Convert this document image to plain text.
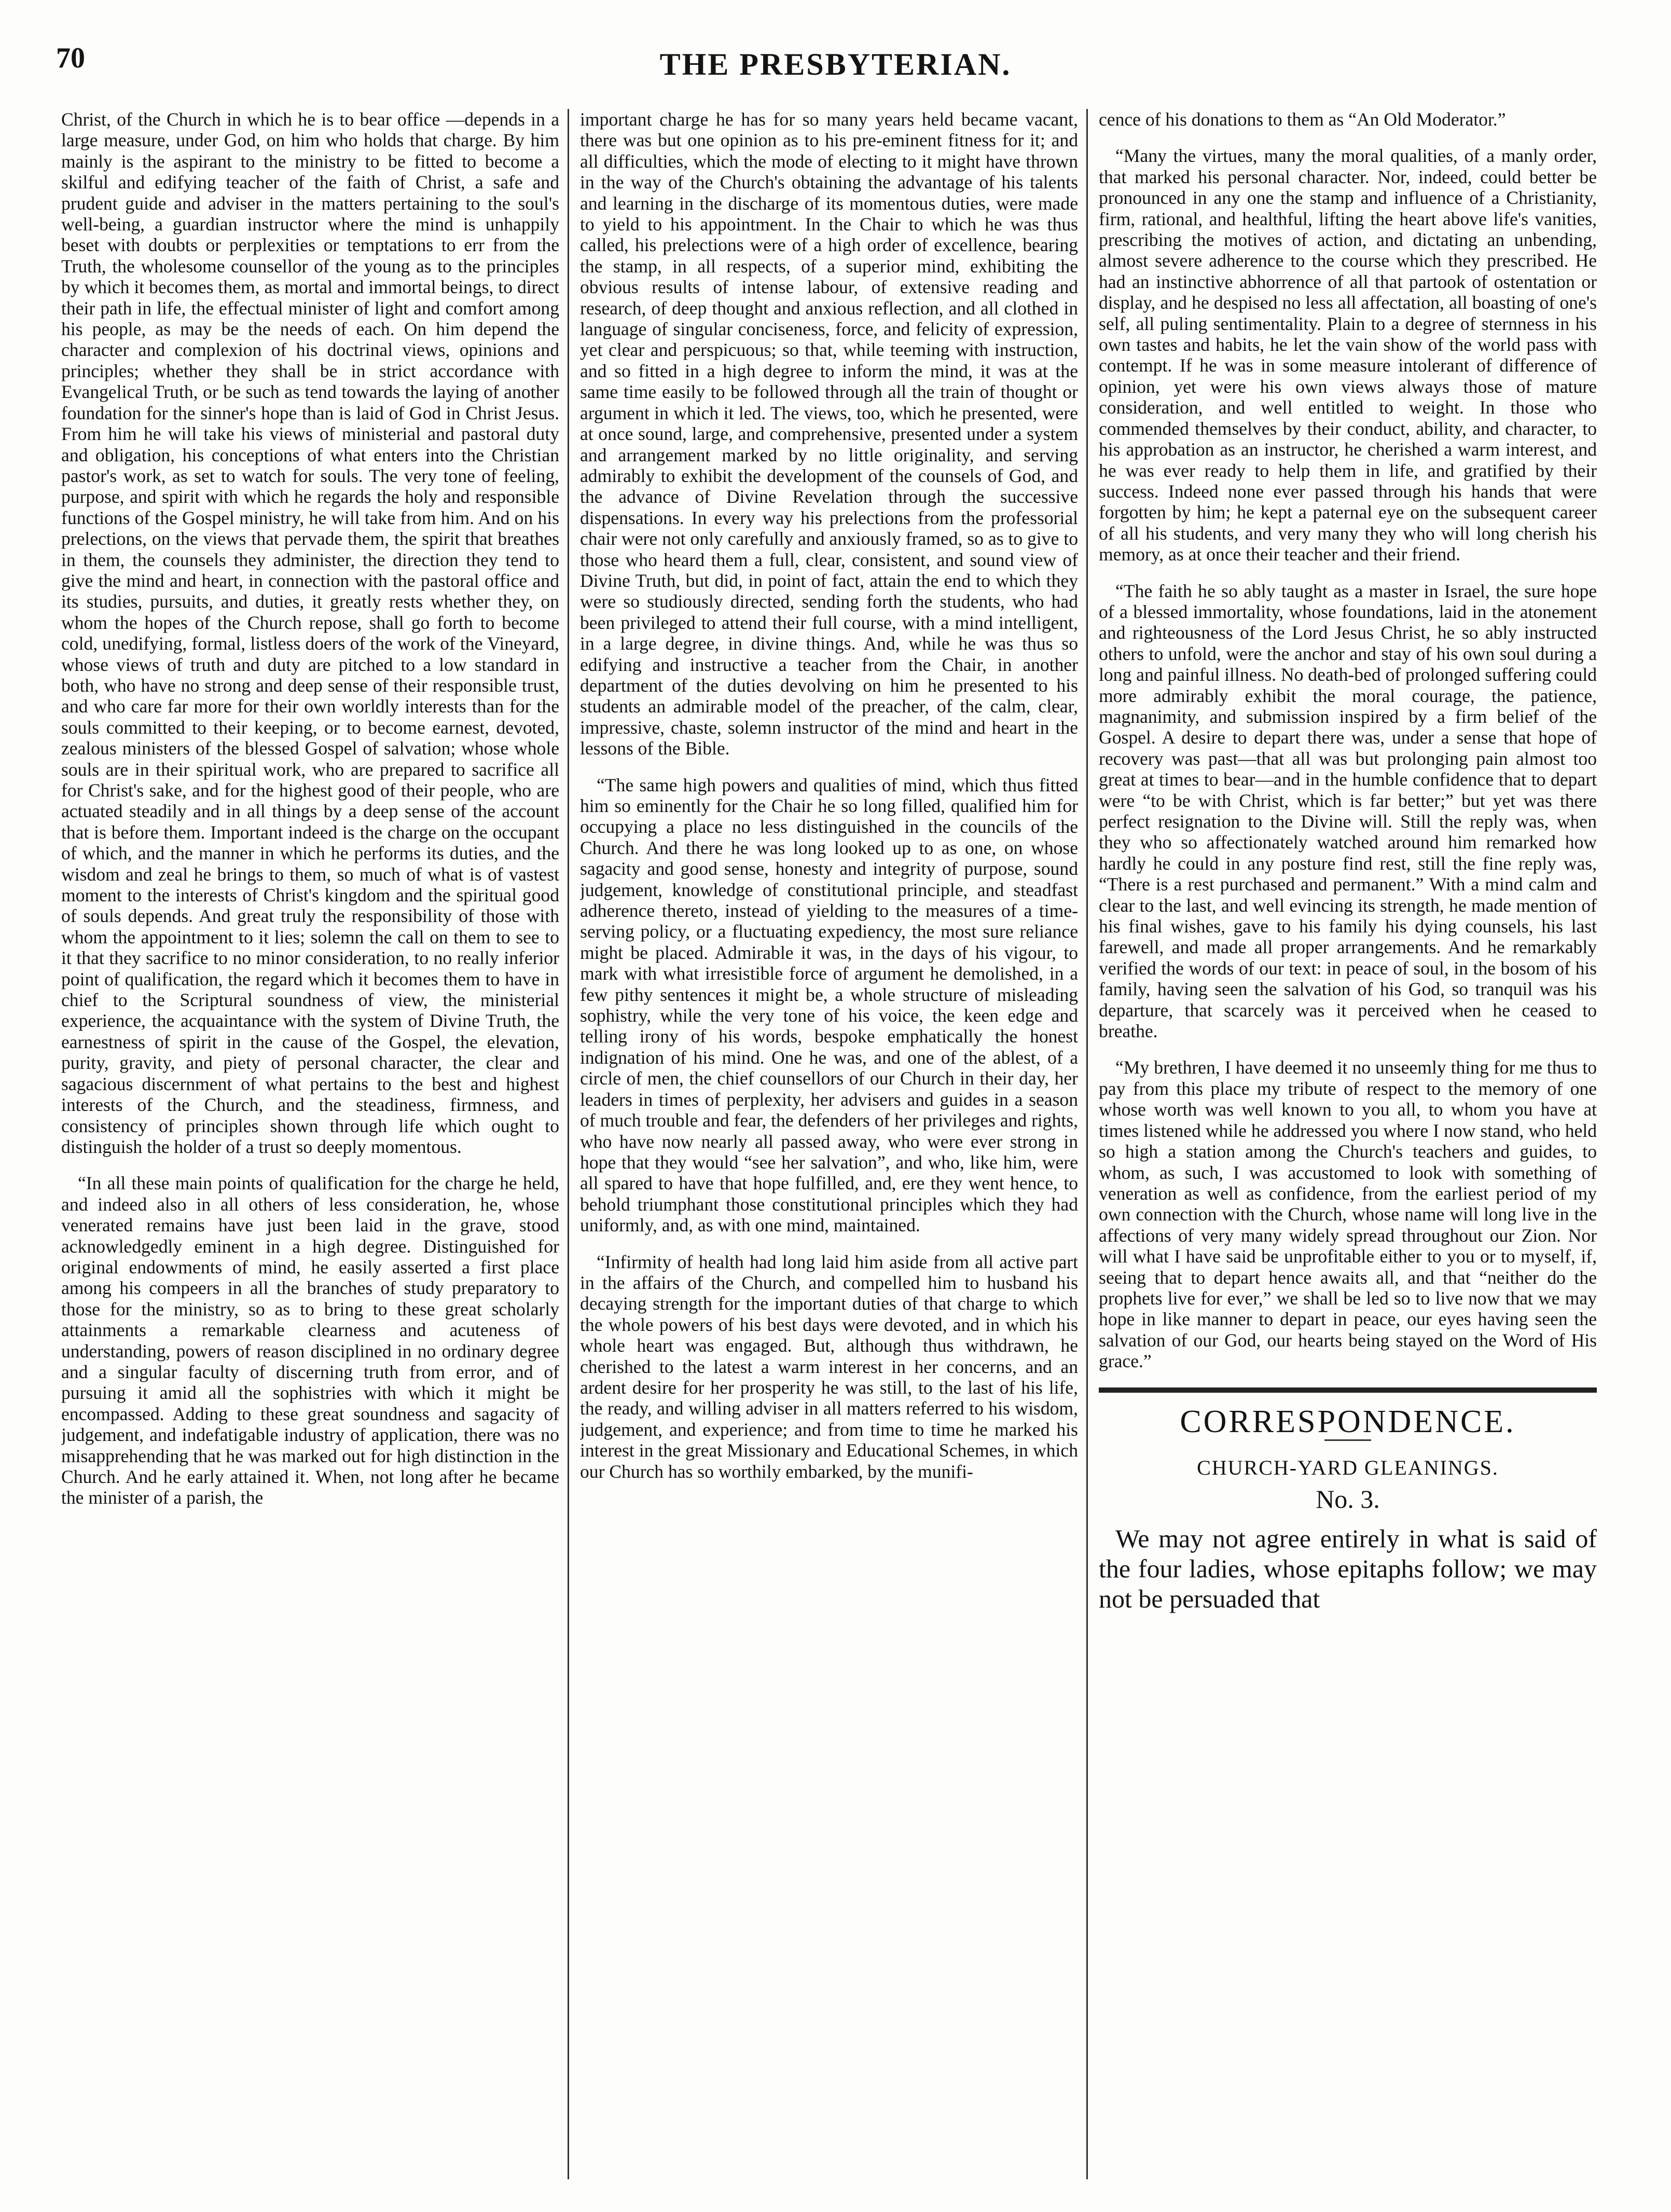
70	THE PRESBYTERIAN.

Christ, of the Church in which he is to bear office —depends in a large measure, under God, on him who holds that charge. By him mainly is the aspirant to the ministry to be fitted to become a skilful and edifying teacher of the faith of Christ, a safe and prudent guide and adviser in the matters pertaining to the soul's well-being, a guardian instructor where the mind is unhappily beset with doubts or perplexities or temptations to err from the Truth, the wholesome counsellor of the young as to the principles by which it becomes them, as mortal and immortal beings, to direct their path in life, the effectual minister of light and comfort among his people, as may be the needs of each. On him depend the character and complexion of his doctrinal views, opinions and principles; whether they shall be in strict accordance with Evangelical Truth, or be such as tend towards the laying of another foundation for the sinner's hope than is laid of God in Christ Jesus. From him he will take his views of ministerial and pastoral duty and obligation, his conceptions of what enters into the Christian pastor's work, as set to watch for souls. The very tone of feeling, purpose, and spirit with which he regards the holy and responsible functions of the Gospel ministry, he will take from him. And on his prelections, on the views that pervade them, the spirit that breathes in them, the counsels they administer, the direction they tend to give the mind and heart, in connection with the pastoral office and its studies, pursuits, and duties, it greatly rests whether they, on whom the hopes of the Church repose, shall go forth to become cold, unedifying, formal, listless doers of the work of the Vineyard, whose views of truth and duty are pitched to a low standard in both, who have no strong and deep sense of their responsible trust, and who care far more for their own worldly interests than for the souls committed to their keeping, or to become earnest, devoted, zealous ministers of the blessed Gospel of salvation; whose whole souls are in their spiritual work, who are prepared to sacrifice all for Christ's sake, and for the highest good of their people, who are actuated steadily and in all things by a deep sense of the account that is before them. Important indeed is the charge on the occupant of which, and the manner in which he performs its duties, and the wisdom and zeal he brings to them, so much of what is of vastest moment to the interests of Christ's kingdom and the spiritual good of souls depends. And great truly the responsibility of those with whom the appointment to it lies; solemn the call on them to see to it that they sacrifice to no minor consideration, to no really inferior point of qualification, the regard which it becomes them to have in chief to the Scriptural soundness of view, the ministerial experience, the acquaintance with the system of Divine Truth, the earnestness of spirit in the cause of the Gospel, the elevation, purity, gravity, and piety of personal character, the clear and sagacious discernment of what pertains to the best and highest interests of the Church, and the steadiness, firmness, and consistency of principles shown through life which ought to distinguish the holder of a trust so deeply momentous.

“In all these main points of qualification for the charge he held, and indeed also in all others of less consideration, he, whose venerated remains have just been laid in the grave, stood acknowledgedly eminent in a high degree. Distinguished for original endowments of mind, he easily asserted a first place among his compeers in all the branches of study preparatory to those for the ministry, so as to bring to these great scholarly attainments a remarkable clearness and acuteness of understanding, powers of reason disciplined in no ordinary degree and a singular faculty of discerning truth from error, and of pursuing it amid all the sophistries with which it might be encompassed. Adding to these great soundness and sagacity of judgement, and indefatigable industry of application, there was no misapprehending that he was marked out for high distinction in the Church. And he early attained it. When, not long after he became the minister of a parish, the

important charge he has for so many years held became vacant, there was but one opinion as to his pre-eminent fitness for it; and all difficulties, which the mode of electing to it might have thrown in the way of the Church's obtaining the advantage of his talents and learning in the discharge of its momentous duties, were made to yield to his appointment. In the Chair to which he was thus called, his prelections were of a high order of excellence, bearing the stamp, in all respects, of a superior mind, exhibiting the obvious results of intense labour, of extensive reading and research, of deep thought and anxious reflection, and all clothed in language of singular conciseness, force, and felicity of expression, yet clear and perspicuous; so that, while teeming with instruction, and so fitted in a high degree to inform the mind, it was at the same time easily to be followed through all the train of thought or argument in which it led. The views, too, which he presented, were at once sound, large, and comprehensive, presented under a system and arrangement marked by no little originality, and serving admirably to exhibit the development of the counsels of God, and the advance of Divine Revelation through the successive dispensations. In every way his prelections from the professorial chair were not only carefully and anxiously framed, so as to give to those who heard them a full, clear, consistent, and sound view of Divine Truth, but did, in point of fact, attain the end to which they were so studiously directed, sending forth the students, who had been privileged to attend their full course, with a mind intelligent, in a large degree, in divine things. And, while he was thus so edifying and instructive a teacher from the Chair, in another department of the duties devolving on him he presented to his students an admirable model of the preacher, of the calm, clear, impressive, chaste, solemn instructor of the mind and heart in the lessons of the Bible.

“The same high powers and qualities of mind, which thus fitted him so eminently for the Chair he so long filled, qualified him for occupying a place no less distinguished in the councils of the Church. And there he was long looked up to as one, on whose sagacity and good sense, honesty and integrity of purpose, sound judgement, knowledge of constitutional principle, and steadfast adherence thereto, instead of yielding to the measures of a time-serving policy, or a fluctuating expediency, the most sure reliance might be placed. Admirable it was, in the days of his vigour, to mark with what irresistible force of argument he demolished, in a few pithy sentences it might be, a whole structure of misleading sophistry, while the very tone of his voice, the keen edge and telling irony of his words, bespoke emphatically the honest indignation of his mind. One he was, and one of the ablest, of a circle of men, the chief counsellors of our Church in their day, her leaders in times of perplexity, her advisers and guides in a season of much trouble and fear, the defenders of her privileges and rights, who have now nearly all passed away, who were ever strong in hope that they would “see her salvation”, and who, like him, were all spared to have that hope fulfilled, and, ere they went hence, to behold triumphant those constitutional principles which they had uniformly, and, as with one mind, maintained.

“Infirmity of health had long laid him aside from all active part in the affairs of the Church, and compelled him to husband his decaying strength for the important duties of that charge to which the whole powers of his best days were devoted, and in which his whole heart was engaged. But, although thus withdrawn, he cherished to the latest a warm interest in her concerns, and an ardent desire for her prosperity he was still, to the last of his life, the ready, and willing adviser in all matters referred to his wisdom, judgement, and experience; and from time to time he marked his interest in the great Missionary and Educational Schemes, in which our Church has so worthily embarked, by the munifi-

cence of his donations to them as “An Old Moderator.”

“Many the virtues, many the moral qualities, of a manly order, that marked his personal character. Nor, indeed, could better be pronounced in any one the stamp and influence of a Christianity, firm, rational, and healthful, lifting the heart above life's vanities, prescribing the motives of action, and dictating an unbending, almost severe adherence to the course which they prescribed. He had an instinctive abhorrence of all that partook of ostentation or display, and he despised no less all affectation, all boasting of one's self, all puling sentimentality. Plain to a degree of sternness in his own tastes and habits, he let the vain show of the world pass with contempt. If he was in some measure intolerant of difference of opinion, yet were his own views always those of mature consideration, and well entitled to weight. In those who commended themselves by their conduct, ability, and character, to his approbation as an instructor, he cherished a warm interest, and he was ever ready to help them in life, and gratified by their success. Indeed none ever passed through his hands that were forgotten by him; he kept a paternal eye on the subsequent career of all his students, and very many they who will long cherish his memory, as at once their teacher and their friend.

“The faith he so ably taught as a master in Israel, the sure hope of a blessed immortality, whose foundations, laid in the atonement and righteousness of the Lord Jesus Christ, he so ably instructed others to unfold, were the anchor and stay of his own soul during a long and painful illness. No death-bed of prolonged suffering could more admirably exhibit the moral courage, the patience, magnanimity, and submission inspired by a firm belief of the Gospel. A desire to depart there was, under a sense that hope of recovery was past—that all was but prolonging pain almost too great at times to bear—and in the humble confidence that to depart were “to be with Christ, which is far better;” but yet was there perfect resignation to the Divine will. Still the reply was, when they who so affectionately watched around him remarked how hardly he could in any posture find rest, still the fine reply was, “There is a rest purchased and permanent.” With a mind calm and clear to the last, and well evincing its strength, he made mention of his final wishes, gave to his family his dying counsels, his last farewell, and made all proper arrangements. And he remarkably verified the words of our text: in peace of soul, in the bosom of his family, having seen the salvation of his God, so tranquil was his departure, that scarcely was it perceived when he ceased to breathe.

“My brethren, I have deemed it no unseemly thing for me thus to pay from this place my tribute of respect to the memory of one whose worth was well known to you all, to whom you have at times listened while he addressed you where I now stand, who held so high a station among the Church's teachers and guides, to whom, as such, I was accustomed to look with something of veneration as well as confidence, from the earliest period of my own connection with the Church, whose name will long live in the affections of very many widely spread throughout our Zion. Nor will what I have said be unprofitable either to you or to myself, if, seeing that to depart hence awaits all, and that “neither do the prophets live for ever,” we shall be led so to live now that we may hope in like manner to depart in peace, our eyes having seen the salvation of our God, our hearts being stayed on the Word of His grace.”

CORRESPONDENCE.
CHURCH-YARD GLEANINGS.
No. 3.

We may not agree entirely in what is said of the four ladies, whose epitaphs follow; we may not be persuaded that
